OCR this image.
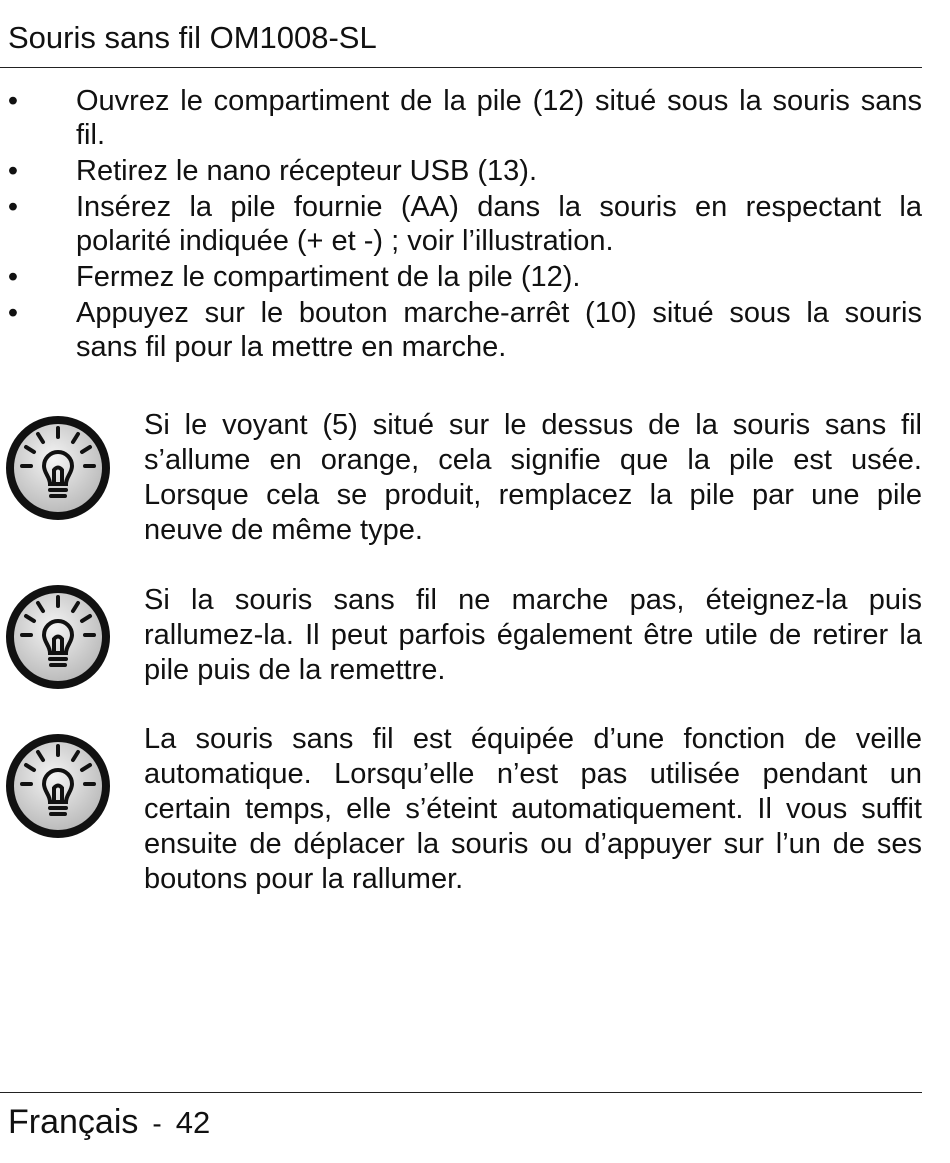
Souris sans fil OM1008-SL
• Ouvrez le compartiment de la pile (12) situé sous la souris sans fil.
• Retirez le nano récepteur USB (13).
• Insérez la pile fournie (AA) dans la souris en respectant la polarité indiquée (+ et -) ; voir l’illustration.
• Fermez le compartiment de la pile (12).
• Appuyez sur le bouton marche-arrêt (10) situé sous la souris sans fil pour la mettre en marche.
Si le voyant (5) situé sur le dessus de la souris sans fil s’allume en orange, cela signifie que la pile est usée. Lorsque cela se produit, remplacez la pile par une pile neuve de même type.
Si la souris sans fil ne marche pas, éteignez-la puis rallumez-la. Il peut parfois également être utile de retirer la pile puis de la remettre.
La souris sans fil est équipée d’une fonction de veille automatique. Lorsqu’elle n’est pas utilisée pendant un certain temps, elle s’éteint automatiquement. Il vous suffit ensuite de déplacer la souris ou d’appuyer sur l’un de ses boutons pour la rallumer.
Français - 42
